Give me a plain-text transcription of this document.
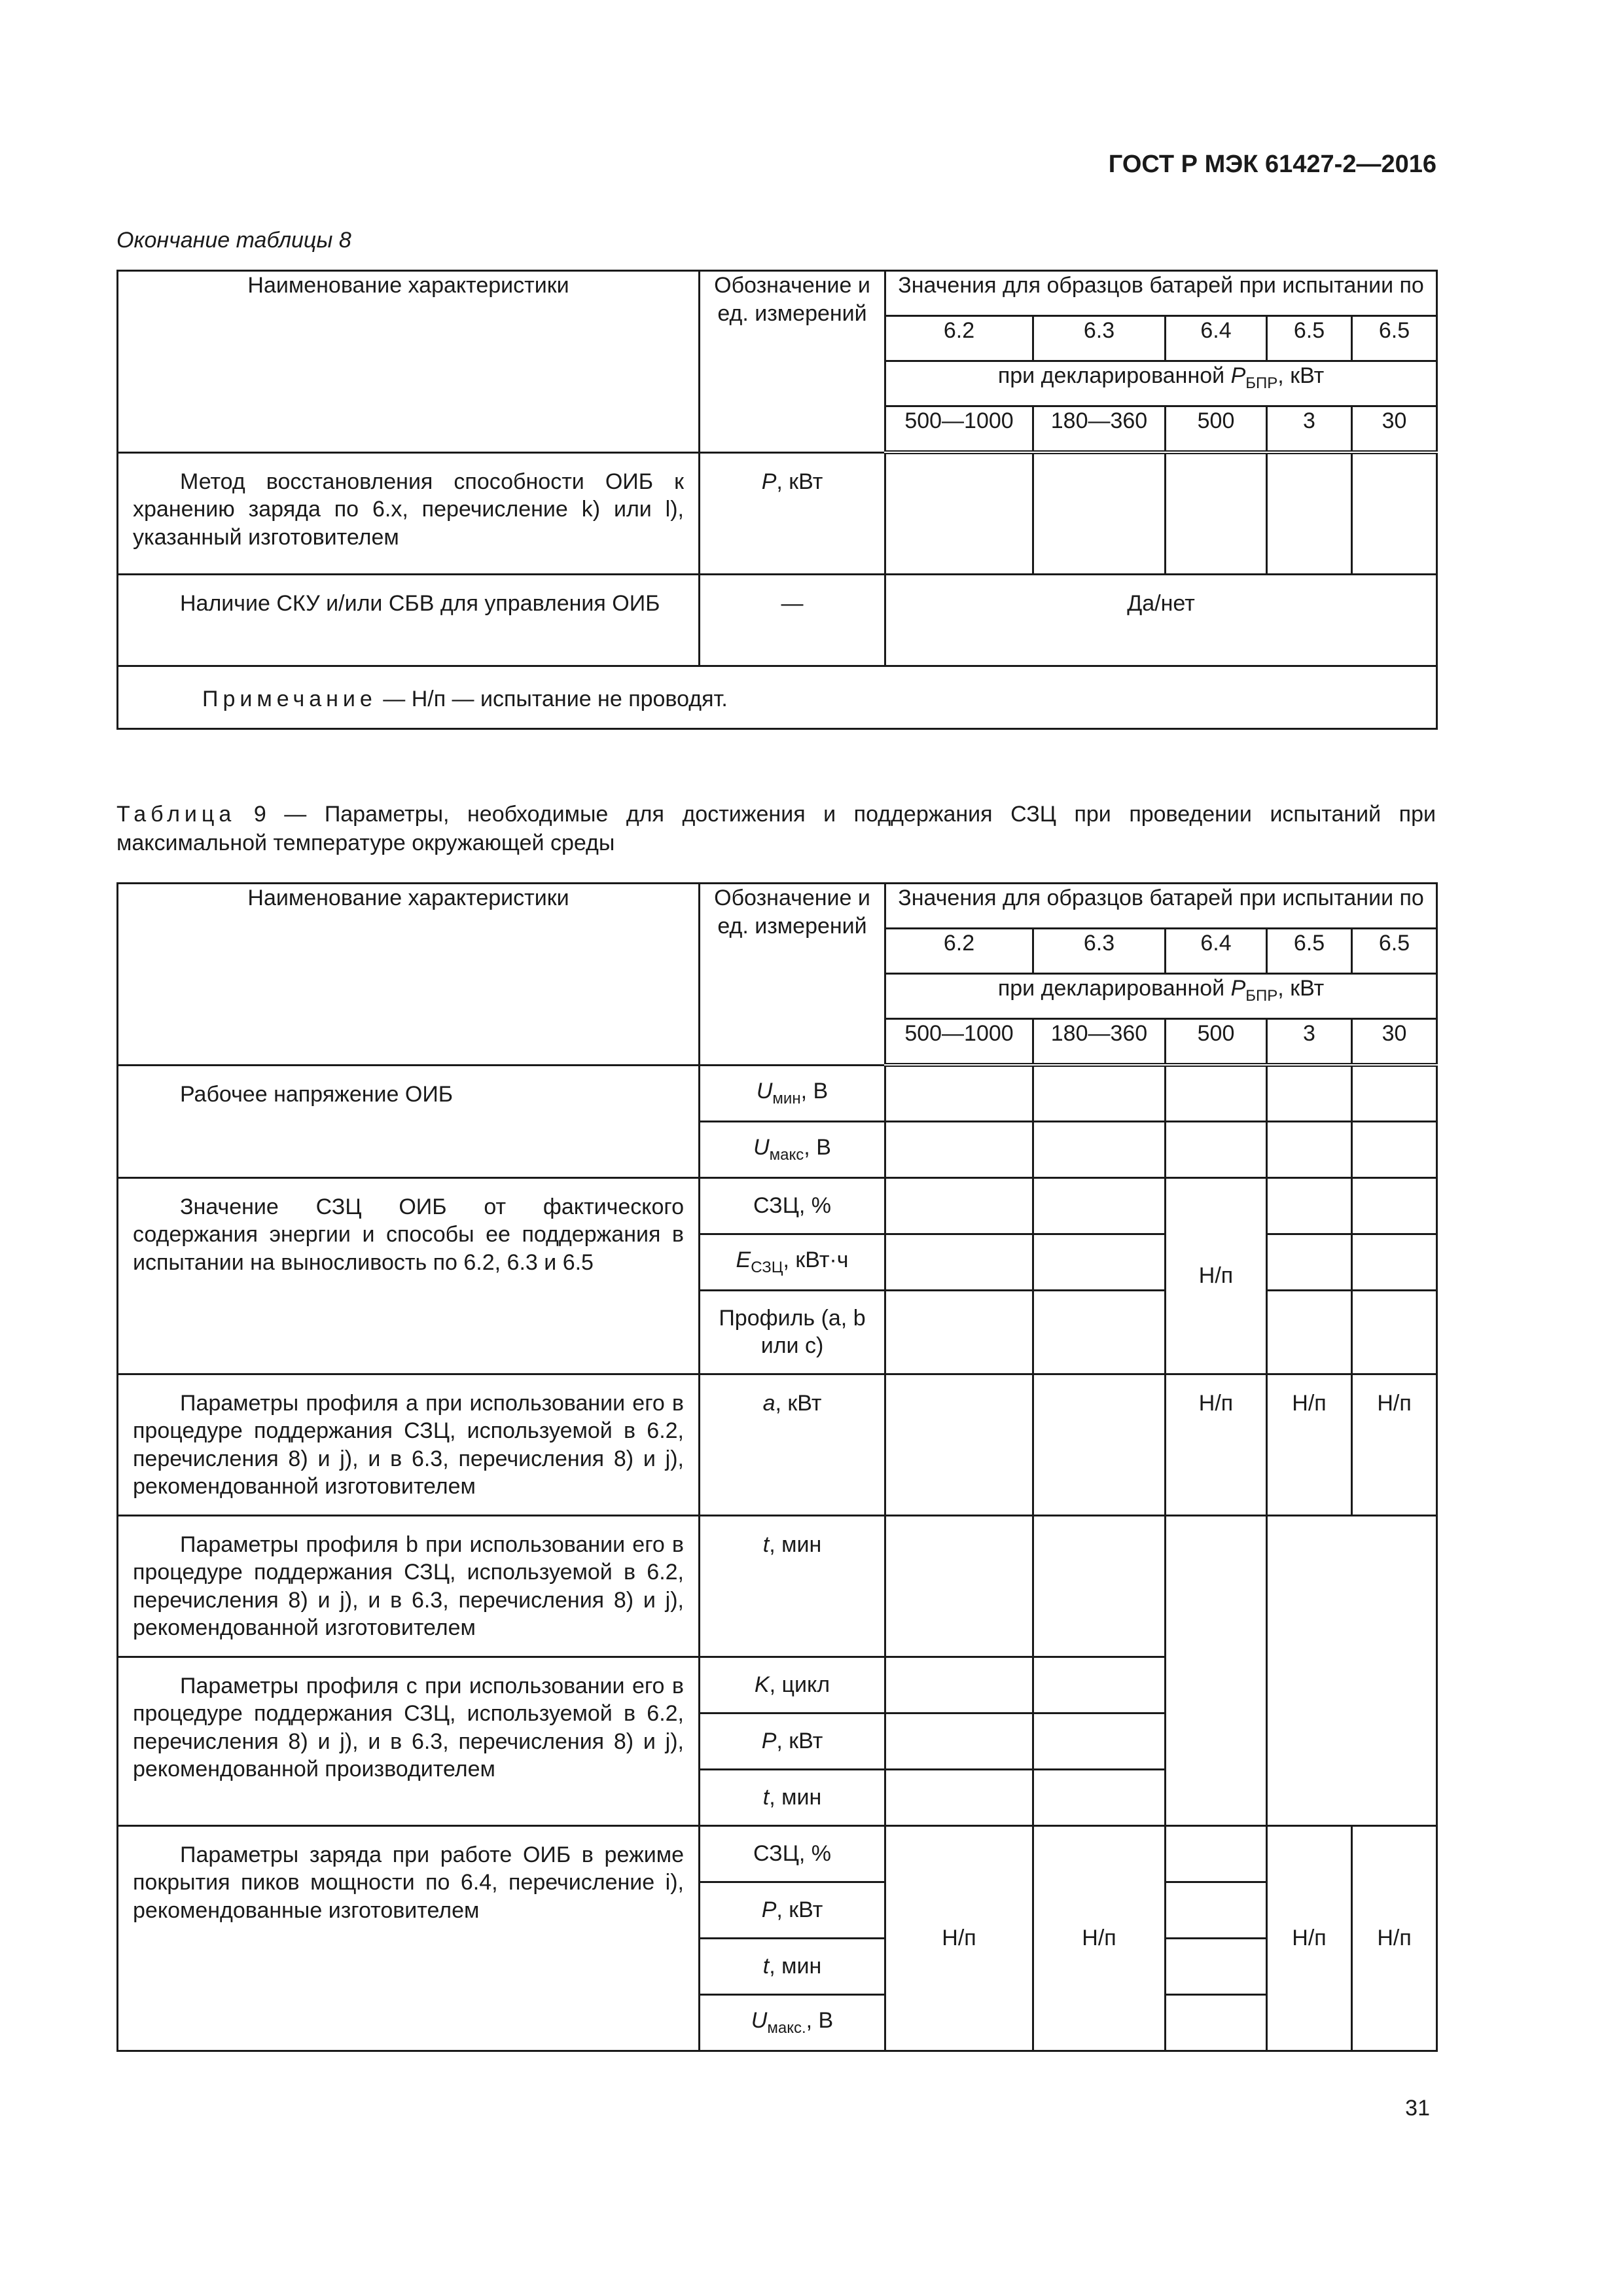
ГОСТ Р МЭК 61427-2—2016
Окончание таблицы 8
Наименование характеристики	Обозначение и ед. измерений	Значения для образцов батарей при испытании по				
		6.2	6.3	6.4	6.5	6.5
		при декларированной $P_{БПР}$, кВт				
		500—1000	180—360	500	3	30
Метод восстановления способности ОИБ к хранению заряда по 6.х, перечисление k) или l), указанный изготовителем	P, кВт					
Наличие СКУ и/или СБВ для управления ОИБ	—	Да/нет				
Примечание — Н/п — испытание не проводят.						
Таблица 9 — Параметры, необходимые для достижения и поддержания СЗЦ при проведении испытаний при максимальной температуре окружающей среды
Наименование характеристики	Обозначение и ед. измерений	Значения для образцов батарей при испытании по				
		6.2	6.3	6.4	6.5	6.5
		при декларированной $P_{БПР}$, кВт				
		500—1000	180—360	500	3	30
Рабочее напряжение ОИБ	$U_{мин}$, В					
	$U_{макс}$, В					
Значение СЗЦ ОИБ от фактического содержания энергии и способы ее поддержания в испытании на выносливость по 6.2, 6.3 и 6.5	СЗЦ, %			Н/п		
	$E_{СЗЦ}$, кВт·ч					
	Профиль (а, b или с)					
Параметры профиля а при использовании его в процедуре поддержания СЗЦ, используемой в 6.2, перечисления 8) и j), и в 6.3, перечисления 8) и j), рекомендованной изготовителем	a, кВт			Н/п	Н/п	Н/п
Параметры профиля b при использовании его в процедуре поддержания СЗЦ, используемой в 6.2, перечисления 8) и j), и в 6.3, перечисления 8) и j), рекомендованной изготовителем	t, мин					
Параметры профиля с при использовании его в процедуре поддержания СЗЦ, используемой в 6.2, перечисления 8) и j), и в 6.3, перечисления 8) и j), рекомендованной производителем	K, цикл					
	P, кВт					
	t, мин					
Параметры заряда при работе ОИБ в режиме покрытия пиков мощности по 6.4, перечисление i), рекомендованные изготовителем	СЗЦ, %	Н/п	Н/п		Н/п	Н/п
	P, кВт					
	t, мин					
	$U_{макс.}$, В					
31
